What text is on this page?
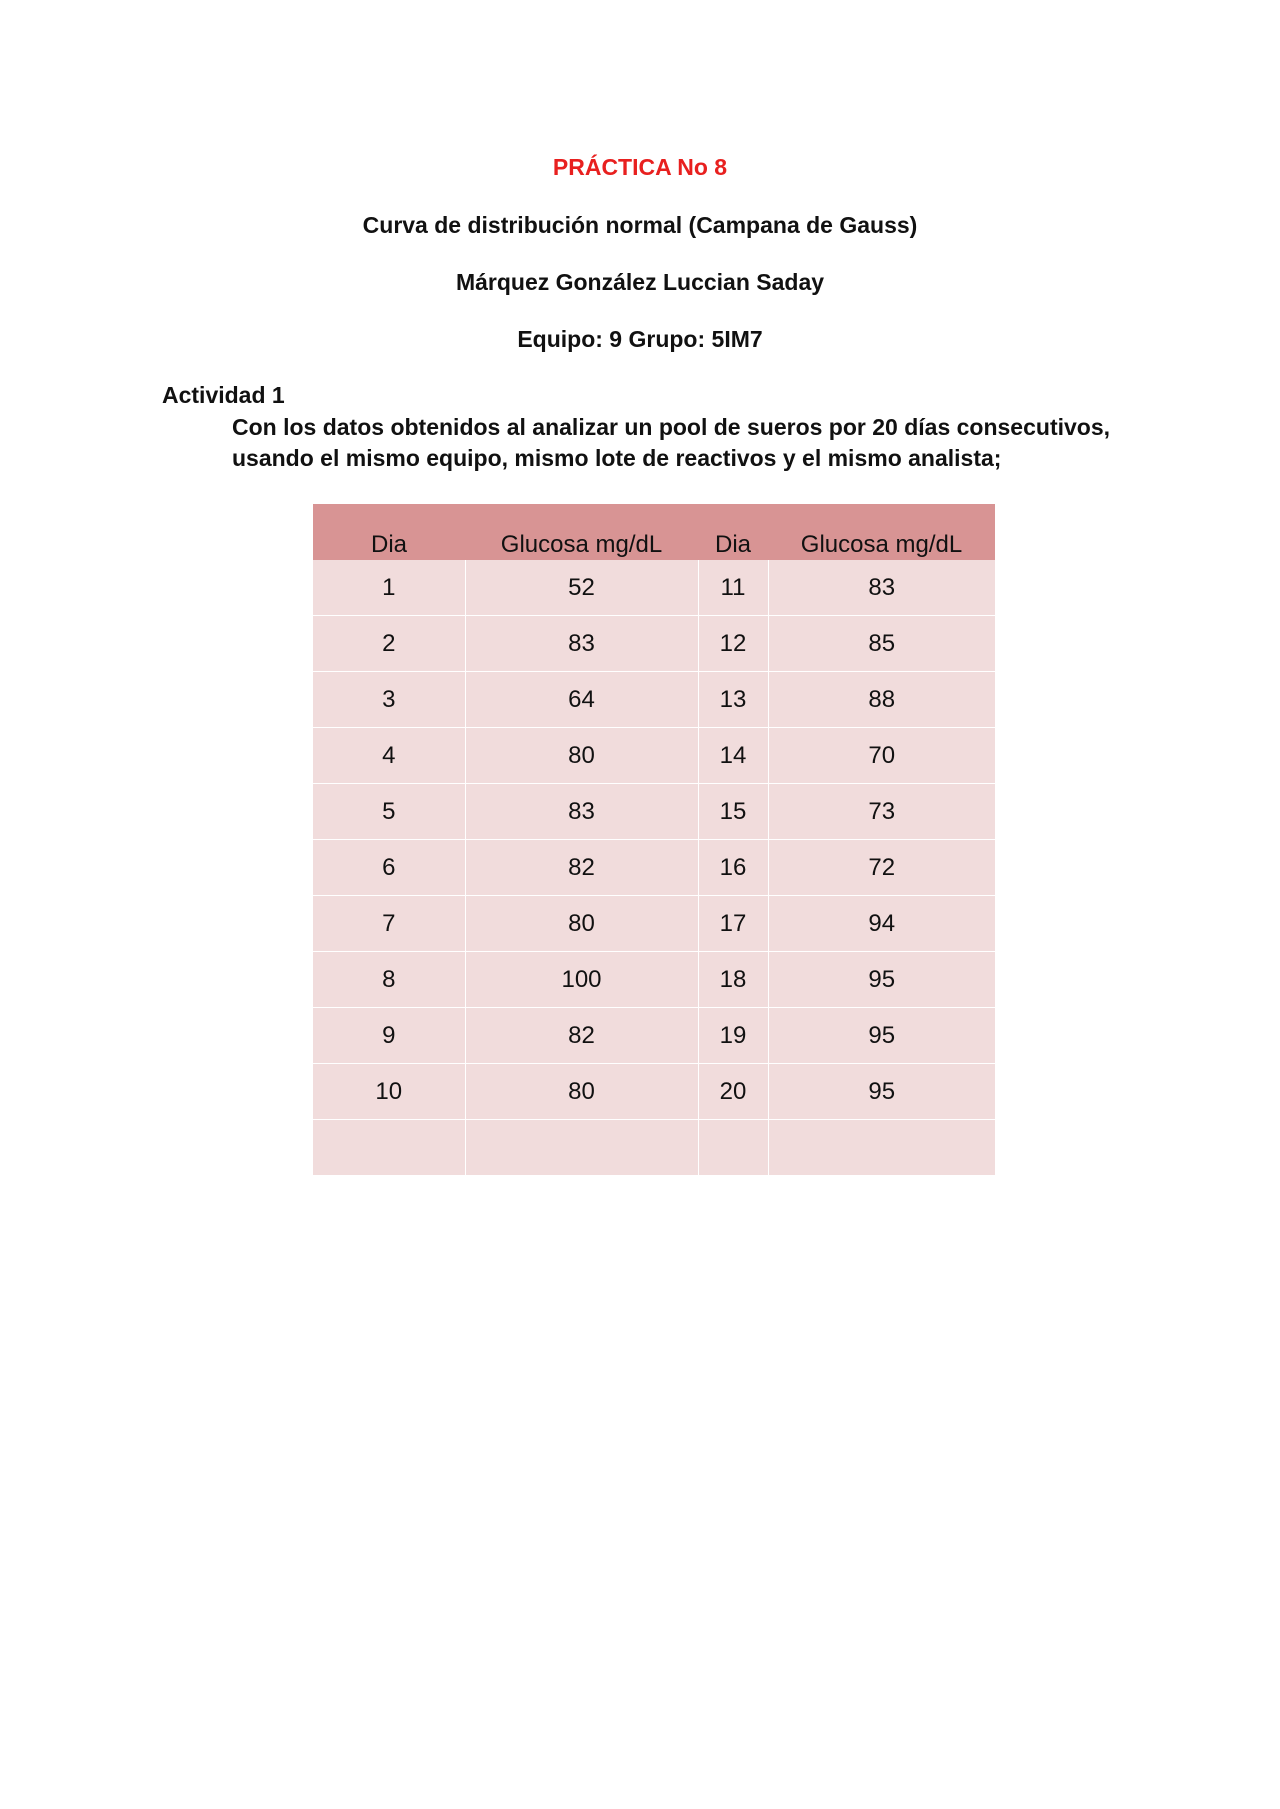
PRÁCTICA No 8
Curva de distribución normal (Campana de Gauss)
Márquez González Luccian Saday
Equipo: 9 Grupo: 5IM7
Actividad 1
Con los datos obtenidos al analizar un pool de sueros por 20 días consecutivos, usando el mismo equipo, mismo lote de reactivos y el mismo analista;
Dia	Glucosa mg/dL	Dia	Glucosa mg/dL
1	52	11	83
2	83	12	85
3	64	13	88
4	80	14	70
5	83	15	73
6	82	16	72
7	80	17	94
8	100	18	95
9	82	19	95
10	80	20	95
